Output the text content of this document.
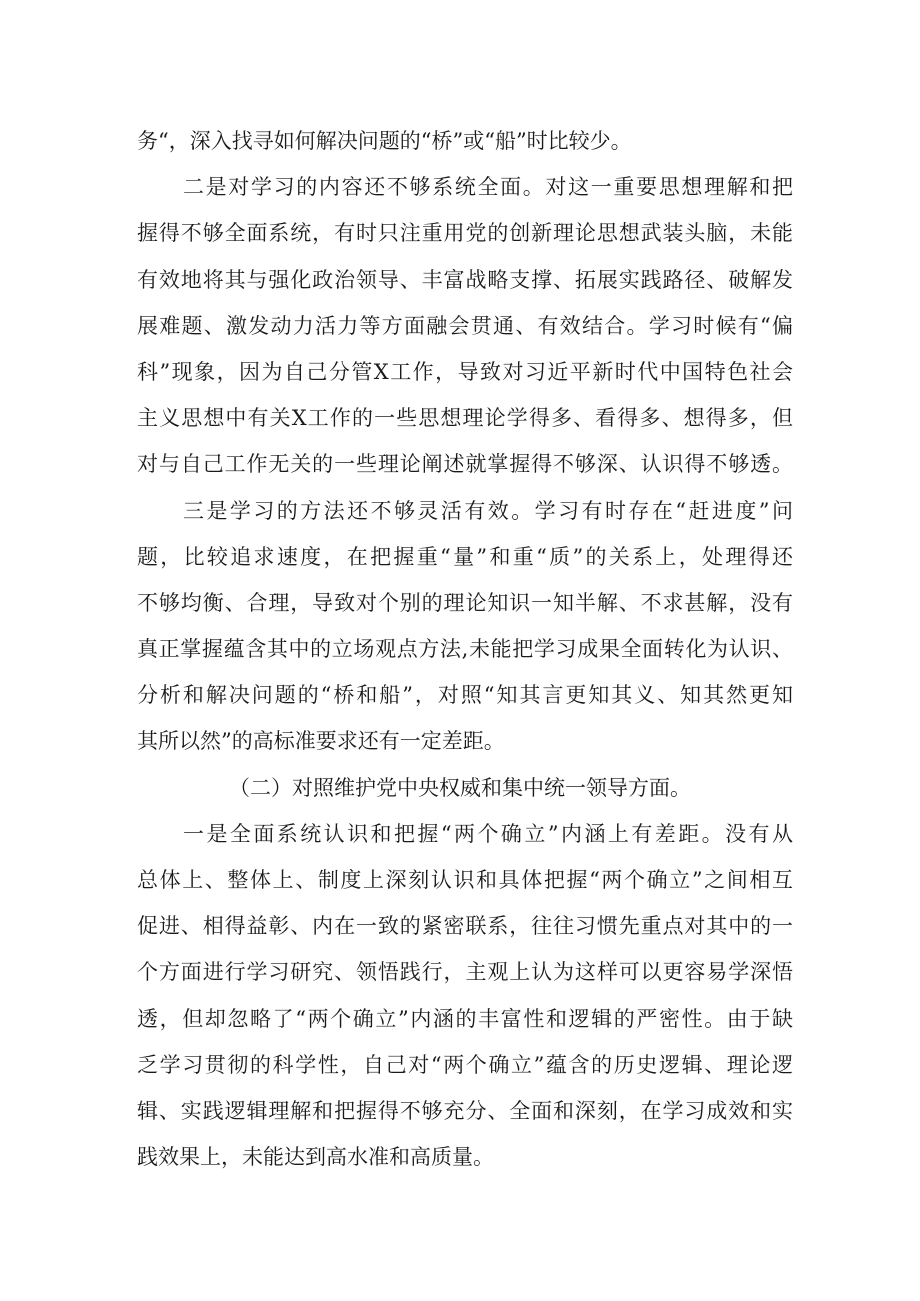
务“，深入找寻如何解决问题的“桥”或“船”时比较少。
二是对学习的内容还不够系统全面。对这一重要思想理解和把
握得不够全面系统，有时只注重用党的创新理论思想武装头脑，未能
有效地将其与强化政治领导、丰富战略支撑、拓展实践路径、破解发
展难题、激发动力活力等方面融会贯通、有效结合。学习时候有“偏
科”现象，因为自己分管X工作，导致对习近平新时代中国特色社会
主义思想中有关X工作的一些思想理论学得多、看得多、想得多，但
对与自己工作无关的一些理论阐述就掌握得不够深、认识得不够透。
三是学习的方法还不够灵活有效。学习有时存在“赶进度”问
题，比较追求速度，在把握重“量”和重“质”的关系上，处理得还
不够均衡、合理，导致对个别的理论知识一知半解、不求甚解，没有
真正掌握蕴含其中的立场观点方法,未能把学习成果全面转化为认识、
分析和解决问题的“桥和船”，对照“知其言更知其义、知其然更知
其所以然”的高标准要求还有一定差距。
（二）对照维护党中央权威和集中统一领导方面。
一是全面系统认识和把握“两个确立”内涵上有差距。没有从
总体上、整体上、制度上深刻认识和具体把握“两个确立”之间相互
促进、相得益彰、内在一致的紧密联系，往往习惯先重点对其中的一
个方面进行学习研究、领悟践行，主观上认为这样可以更容易学深悟
透，但却忽略了“两个确立”内涵的丰富性和逻辑的严密性。由于缺
乏学习贯彻的科学性，自己对“两个确立”蕴含的历史逻辑、理论逻
辑、实践逻辑理解和把握得不够充分、全面和深刻，在学习成效和实
践效果上，未能达到高水准和高质量。
